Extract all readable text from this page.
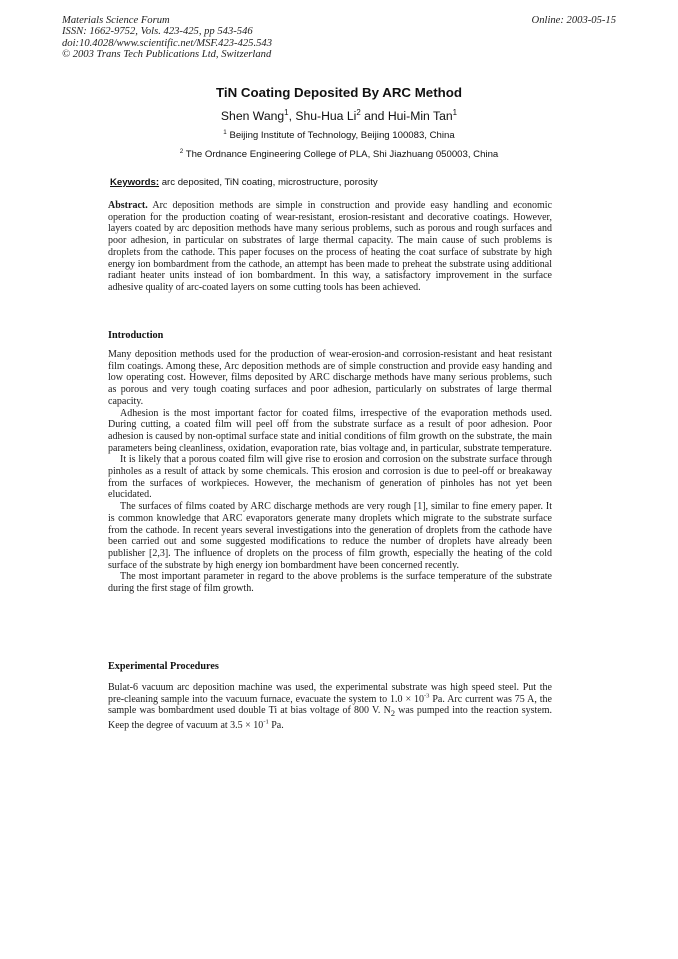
Materials Science Forum
ISSN: 1662-9752, Vols. 423-425, pp 543-546
doi:10.4028/www.scientific.net/MSF.423-425.543
© 2003 Trans Tech Publications Ltd, Switzerland
Online: 2003-05-15
TiN Coating Deposited By ARC Method
Shen Wang$^1$, Shu-Hua Li$^2$ and Hui-Min Tan$^1$
$^1$ Beijing Institute of Technology, Beijing 100083, China
$^2$ The Ordnance Engineering College of PLA, Shi Jiazhuang 050003, China
Keywords: arc deposited, TiN coating, microstructure, porosity

Abstract. Arc deposition methods are simple in construction and provide easy handling and economic operation for the production coating of wear-resistant, erosion-resistant and decorative coatings. However, layers coated by arc deposition methods have many serious problems, such as porous and rough surfaces and poor adhesion, in particular on substrates of large thermal capacity. The main cause of such problems is droplets from the cathode. This paper focuses on the process of heating the coat surface of substrate by high energy ion bombardment from the cathode, an attempt has been made to preheat the substrate using additional radiant heater units instead of ion bombardment. In this way, a satisfactory improvement in the surface adhesive quality of arc-coated layers on some cutting tools has been achieved.

Introduction

Many deposition methods used for the production of wear-erosion-and corrosion-resistant and heat resistant film coatings. Among these, Arc deposition methods are of simple construction and provide easy handing and low operating cost. However, films deposited by ARC discharge methods have many serious problems, such as porous and very tough coating surfaces and poor adhesion, particularly on substrates of large thermal capacity.

Adhesion is the most important factor for coated films, irrespective of the evaporation methods used. During cutting, a coated film will peel off from the substrate surface as a result of poor adhesion. Poor adhesion is caused by non-optimal surface state and initial conditions of film growth on the substrate, the main parameters being cleanliness, oxidation, evaporation rate, bias voltage and, in particular, substrate temperature.

It is likely that a porous coated film will give rise to erosion and corrosion on the substrate surface through pinholes as a result of attack by some chemicals. This erosion and corrosion is due to peel-off or breakaway from the surfaces of workpieces. However, the mechanism of generation of pinholes has not yet been elucidated.

The surfaces of films coated by ARC discharge methods are very rough [1], similar to fine emery paper. It is common knowledge that ARC evaporators generate many droplets which migrate to the substrate surface from the cathode. In recent years several investigations into the generation of droplets from the cathode have been carried out and some suggested modifications to reduce the number of droplets have already been publisher [2,3]. The influence of droplets on the process of film growth, especially the heating of the cold surface of the substrate by high energy ion bombardment have been concerned recently.

The most important parameter in regard to the above problems is the surface temperature of the substrate during the first stage of film growth.

Experimental Procedures

Bulat-6 vacuum arc deposition machine was used, the experimental substrate was high speed steel. Put the pre-cleaning sample into the vacuum furnace, evacuate the system to $1.0 \times 10^{-3}$ Pa. Arc current was 75 A, the sample was bombardment used double Ti at bias voltage of 800 V. $N_2$ was pumped into the reaction system. Keep the degree of vacuum at $3.5 \times 10^{-1}$ Pa.
